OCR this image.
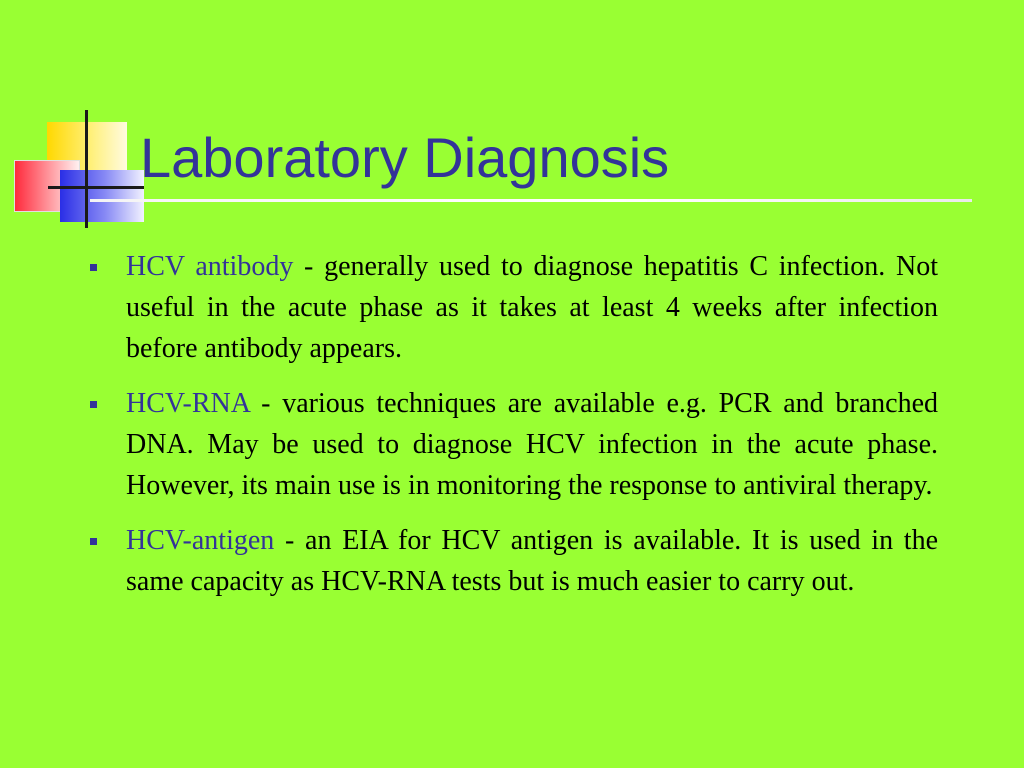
Laboratory Diagnosis
HCV antibody - generally used to diagnose hepatitis C infection. Not useful in the acute phase as it takes at least 4 weeks after infection before antibody appears.
HCV-RNA - various techniques are available e.g. PCR and branched DNA. May be used to diagnose HCV infection in the acute phase. However, its main use is in monitoring the response to antiviral therapy.
HCV-antigen - an EIA for HCV antigen is available. It is used in the same capacity as HCV-RNA tests but is much easier to carry out.
